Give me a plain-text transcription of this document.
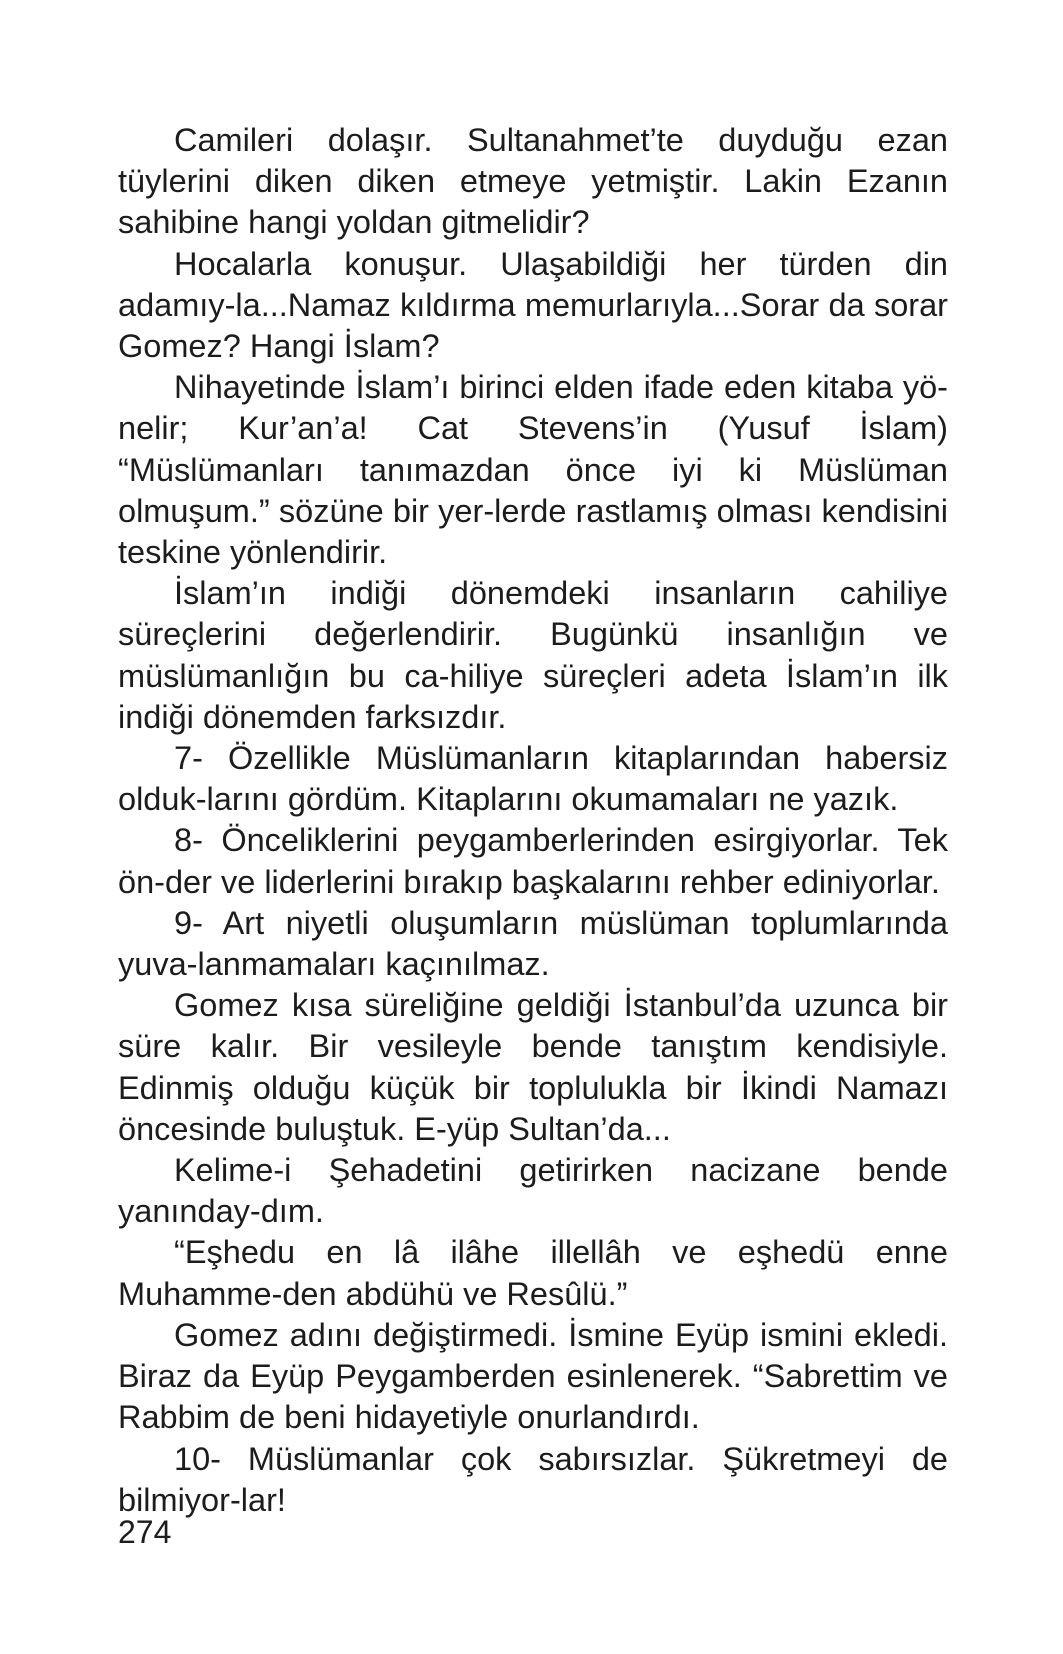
Camileri dolaşır. Sultanahmet’te duyduğu ezan tüylerini diken diken etmeye yetmiştir. Lakin Ezanın sahibine hangi yoldan gitmelidir?

Hocalarla konuşur. Ulaşabildiği her türden din adamıy-la...Namaz kıldırma memurlarıyla...Sorar da sorar Gomez? Hangi İslam?

Nihayetinde İslam’ı birinci elden ifade eden kitaba yö-nelir; Kur’an’a! Cat Stevens’in (Yusuf İslam) “Müslümanları tanımazdan önce iyi ki Müslüman olmuşum.” sözüne bir yer-lerde rastlamış olması kendisini teskine yönlendirir.

İslam’ın indiği dönemdeki insanların cahiliye süreçlerini değerlendirir. Bugünkü insanlığın ve müslümanlığın bu ca-hiliye süreçleri adeta İslam’ın ilk indiği dönemden farksızdır.

7- Özellikle Müslümanların kitaplarından habersiz olduk-larını gördüm. Kitaplarını okumamaları ne yazık.

8- Önceliklerini peygamberlerinden esirgiyorlar. Tek ön-der ve liderlerini bırakıp başkalarını rehber ediniyorlar.

9- Art niyetli oluşumların müslüman toplumlarında yuva-lanmamaları kaçınılmaz.

Gomez kısa süreliğine geldiği İstanbul’da uzunca bir süre kalır. Bir vesileyle bende tanıştım kendisiyle. Edinmiş olduğu küçük bir toplulukla bir İkindi Namazı öncesinde buluştuk. E-yüp Sultan’da...

Kelime-i Şehadetini getirirken nacizane bende yanınday-dım.

“Eşhedu en lâ ilâhe illellâh ve eşhedü enne Muhamme-den abdühü ve Resûlü.”

Gomez adını değiştirmedi. İsmine Eyüp ismini ekledi. Biraz da Eyüp Peygamberden esinlenerek. “Sabrettim ve Rabbim de beni hidayetiyle onurlandırdı.

10- Müslümanlar çok sabırsızlar. Şükretmeyi de bilmiyor-lar!

274
